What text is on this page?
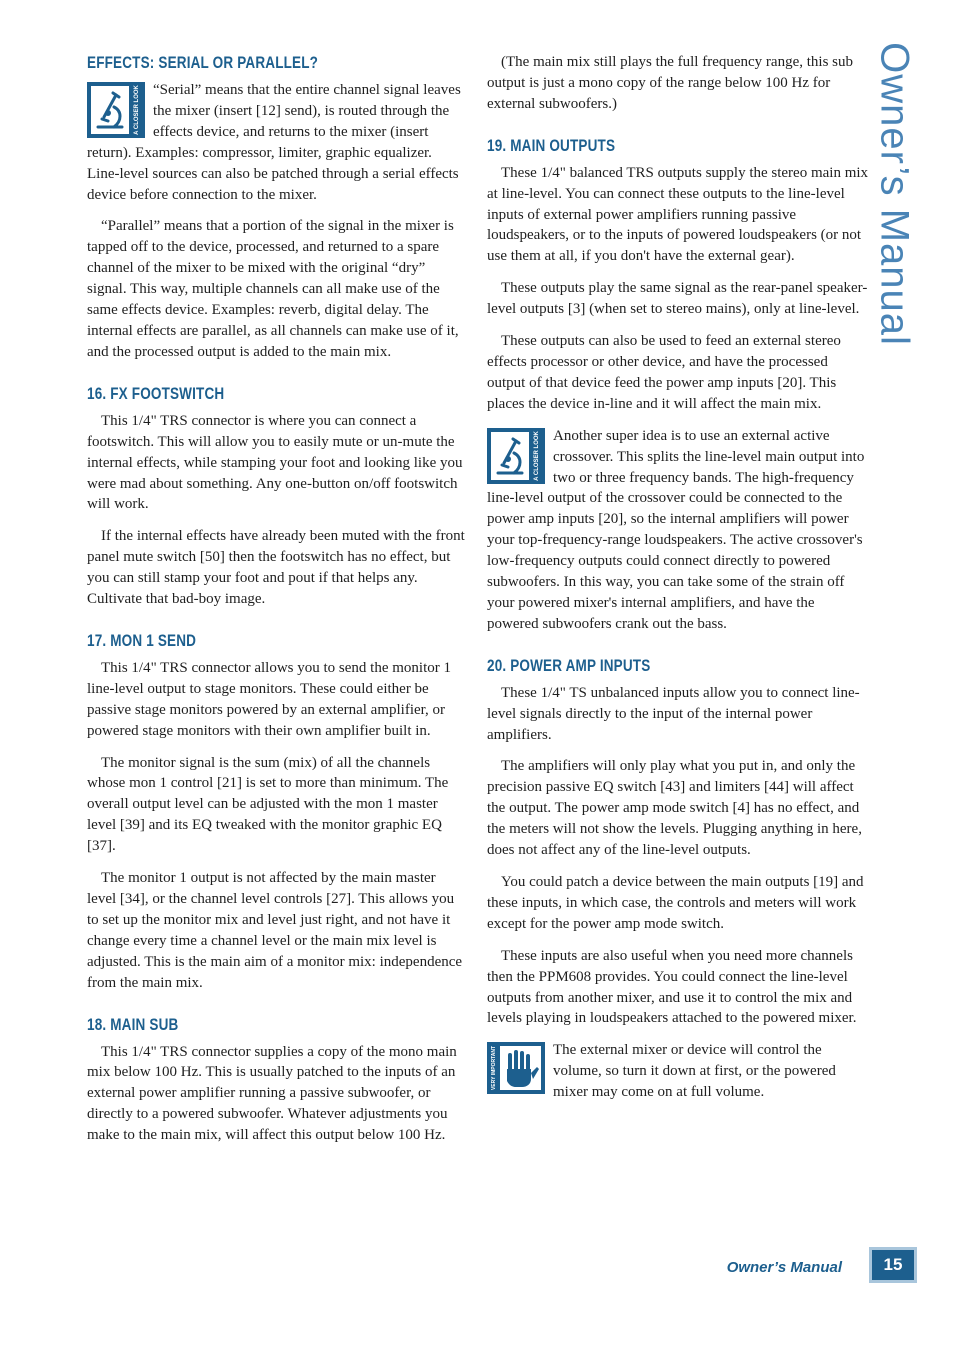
Owner’s Manual
EFFECTS: SERIAL OR PARALLEL?
A CLOSER LOOK “Serial” means that the entire channel signal leaves the mixer (insert [12] send), is routed through the effects device, and returns to the mixer (insert return). Examples: compressor, limiter, graphic equalizer. Line-level sources can also be patched through a serial effects device before connection to the mixer.

“Parallel” means that a portion of the signal in the mixer is tapped off to the device, processed, and returned to a spare channel of the mixer to be mixed with the original “dry” signal. This way, multiple channels can all make use of the same effects device. Examples: reverb, digital delay. The internal effects are parallel, as all channels can make use of it, and the processed output is added to the main mix.

16. FX FOOTSWITCH

This 1/4" TRS connector is where you can connect a footswitch. This will allow you to easily mute or un-mute the internal effects, while stamping your foot and looking like you were mad about something. Any one-button on/off footswitch will work.

If the internal effects have already been muted with the front panel mute switch [50] then the footswitch has no effect, but you can still stamp your foot and pout if that helps any. Cultivate that bad-boy image.

17. MON 1 SEND

This 1/4" TRS connector allows you to send the monitor 1 line-level output to stage monitors. These could either be passive stage monitors powered by an external amplifier, or powered stage monitors with their own amplifier built in.

The monitor signal is the sum (mix) of all the channels whose mon 1 control [21] is set to more than minimum. The overall output level can be adjusted with the mon 1 master level [39] and its EQ tweaked with the monitor graphic EQ [37].

The monitor 1 output is not affected by the main master level [34], or the channel level controls [27]. This allows you to set up the monitor mix and level just right, and not have it change every time a channel level or the main mix level is adjusted. This is the main aim of a monitor mix: independence from the main mix.

18. MAIN SUB

This 1/4" TRS connector supplies a copy of the mono main mix below 100 Hz. This is usually patched to the inputs of an external power amplifier running a passive subwoofer, or directly to a powered subwoofer. Whatever adjustments you make to the main mix, will affect this output below 100 Hz.

(The main mix still plays the full frequency range, this sub output is just a mono copy of the range below 100 Hz for external subwoofers.)

19. MAIN OUTPUTS

These 1/4" balanced TRS outputs supply the stereo main mix at line-level. You can connect these outputs to the line-level inputs of external power amplifiers running passive loudspeakers, or to the inputs of powered loudspeakers (or not use them at all, if you don't have the external gear).

These outputs play the same signal as the rear-panel speaker-level outputs [3] (when set to stereo mains), only at line-level.

These outputs can also be used to feed an external stereo effects processor or other device, and have the processed output of that device feed the power amp inputs [20]. This places the device in-line and it will affect the main mix.

A CLOSER LOOK Another super idea is to use an external active crossover. This splits the line-level main output into two or three frequency bands. The high-frequency line-level output of the crossover could be connected to the power amp inputs [20], so the internal amplifiers will power your top-frequency-range loudspeakers. The active crossover's low-frequency outputs could connect directly to powered subwoofers. In this way, you can take some of the strain off your powered mixer's internal amplifiers, and have the powered subwoofers crank out the bass.

20. POWER AMP INPUTS

These 1/4" TS unbalanced inputs allow you to connect line-level signals directly to the input of the internal power amplifiers.

The amplifiers will only play what you put in, and only the precision passive EQ switch [43] and limiters [44] will affect the output. The power amp mode switch [4] has no effect, and the meters will not show the levels. Plugging anything in here, does not affect any of the line-level outputs.

You could patch a device between the main outputs [19] and these inputs, in which case, the controls and meters will work except for the power amp mode switch.

These inputs are also useful when you need more channels then the PPM608 provides. You could connect the line-level outputs from another mixer, and use it to control the mix and levels playing in loudspeakers attached to the powered mixer.

VERY IMPORTANT	The external mixer or device will control the volume, so turn it down at first, or the powered mixer may come on at full volume.

Owner’s Manual	15
